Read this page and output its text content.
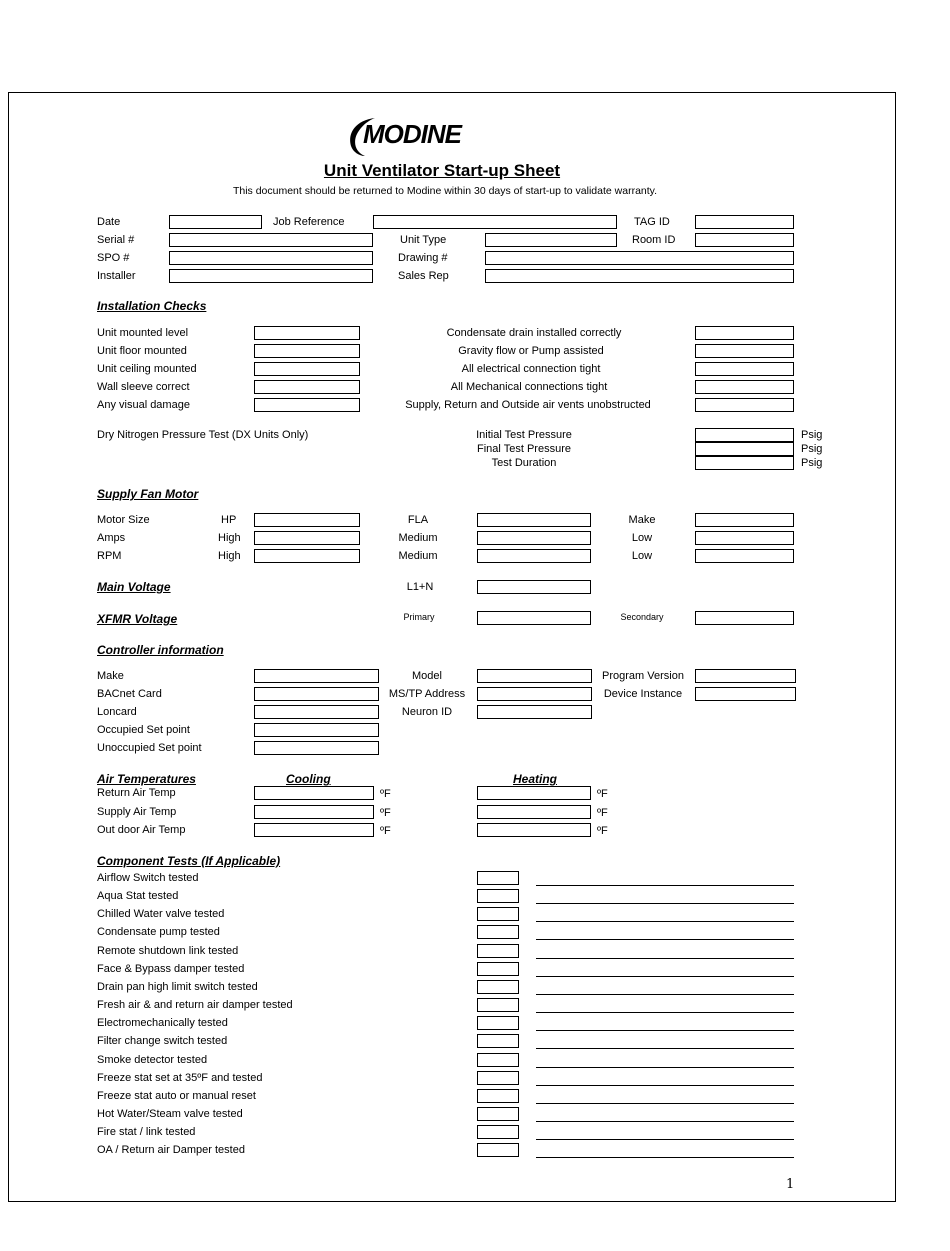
MODINE
Unit Ventilator Start-up Sheet
This document should be returned to Modine within 30 days of start-up to validate warranty.
Date	Job Reference	TAG ID
Serial #	Unit Type	Room ID
SPO #	Drawing #
Installer	Sales Rep
Installation Checks
Unit mounted level	Condensate drain installed correctly
Unit floor mounted	Gravity flow or Pump assisted
Unit ceiling mounted	All electrical connection tight
Wall sleeve correct	All Mechanical connections tight
Any visual damage	Supply, Return and Outside air vents unobstructed
Dry Nitrogen Pressure Test (DX Units Only)	Initial Test Pressure	Psig
Final Test Pressure	Psig
Test Duration	Psig
Supply Fan Motor
Motor Size	HP	FLA	Make
Amps	High	Medium	Low
RPM	High	Medium	Low
Main Voltage	L1+N
XFMR Voltage	Primary	Secondary
Controller information
Make	Model	Program Version
BACnet Card	MS/TP Address	Device Instance
Loncard	Neuron ID
Occupied Set point
Unoccupied Set point
Air Temperatures	Cooling	Heating
Return Air Temp	ºF	ºF
Supply Air Temp	ºF	ºF
Out door Air Temp	ºF	ºF
Component Tests (If Applicable)
Airflow Switch tested
Aqua Stat tested
Chilled Water valve tested
Condensate pump tested
Remote shutdown link tested
Face & Bypass damper tested
Drain pan high limit switch tested
Fresh air & and return air damper tested
Electromechanically tested
Filter change switch tested
Smoke detector tested
Freeze stat set at 35ºF and tested
Freeze stat auto or manual reset
Hot Water/Steam valve tested
Fire stat / link tested
OA / Return air Damper tested
1
